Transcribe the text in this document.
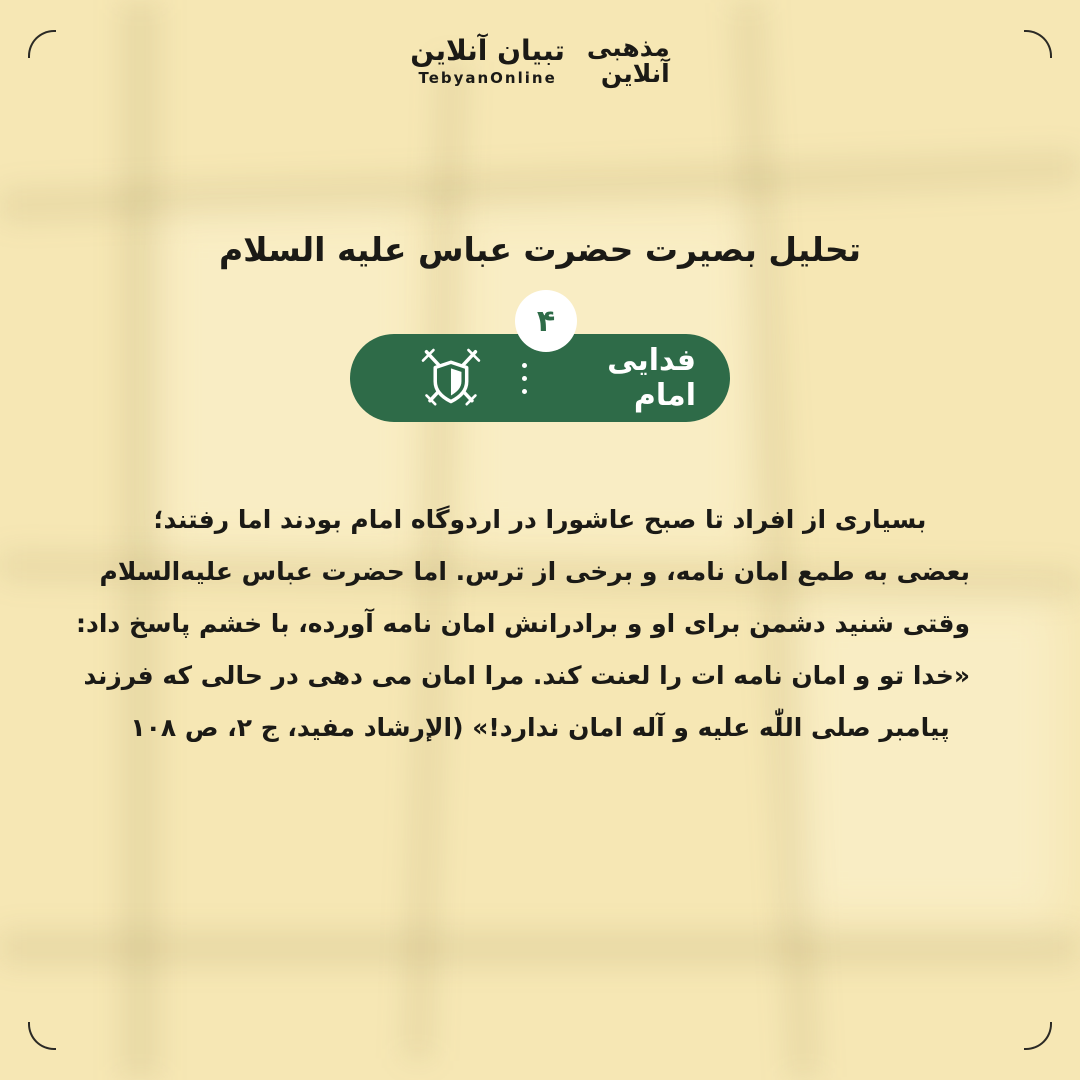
تبیان آنلاین
TebyanOnline
مذهبی
آنلاین
تحلیل بصیرت حضرت عباس علیه السلام
۴
فدایی امام
بسیاری از افراد تا صبح عاشورا در اردوگاه امام بودند اما رفتند؛
بعضی به طمع امان نامه، و برخی از ترس. اما حضرت عباس علیه‌السلام
وقتی شنید دشمن برای او و برادرانش امان نامه آورده، با خشم پاسخ داد:
«خدا تو و امان نامه ات را لعنت کند. مرا امان می دهی در حالی که فرزند
پیامبر صلی اللّٰه علیه و آله امان ندارد!» (الإرشاد مفید، ج ۲، ص ۱۰۸
